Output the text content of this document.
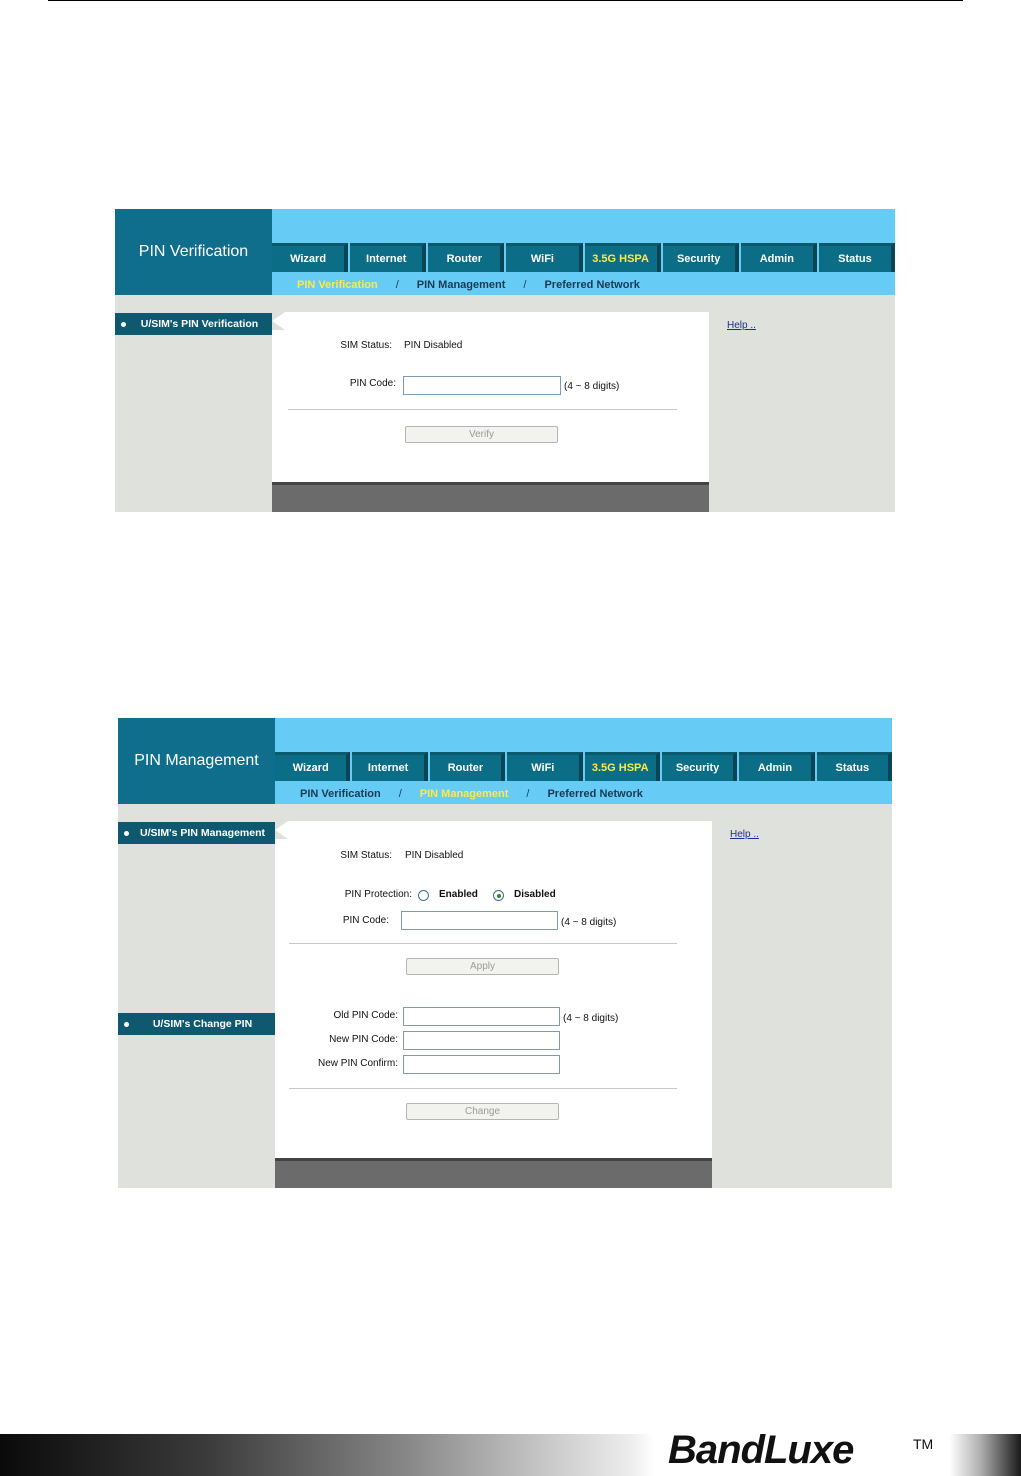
PIN Verification	Wizard	Internet	Router	WiFi	3.5G HSPA	Security	Admin	Status
PIN Verification / PIN Management / Preferred Network
U/SIM's PIN Verification
SIM Status: PIN Disabled
PIN Code:	(4 ~ 8 digits)
Verify
Help ..
PIN Management	Wizard	Internet	Router	WiFi	3.5G HSPA	Security	Admin	Status
PIN Verification / PIN Management / Preferred Network
U/SIM's PIN Management
U/SIM's Change PIN
SIM Status: PIN Disabled
PIN Protection:	Enabled	Disabled
PIN Code:	(4 ~ 8 digits)
Apply
Old PIN Code:	(4 ~ 8 digits)
New PIN Code:
New PIN Confirm:
Change
Help ..
BandLuxe	TM
